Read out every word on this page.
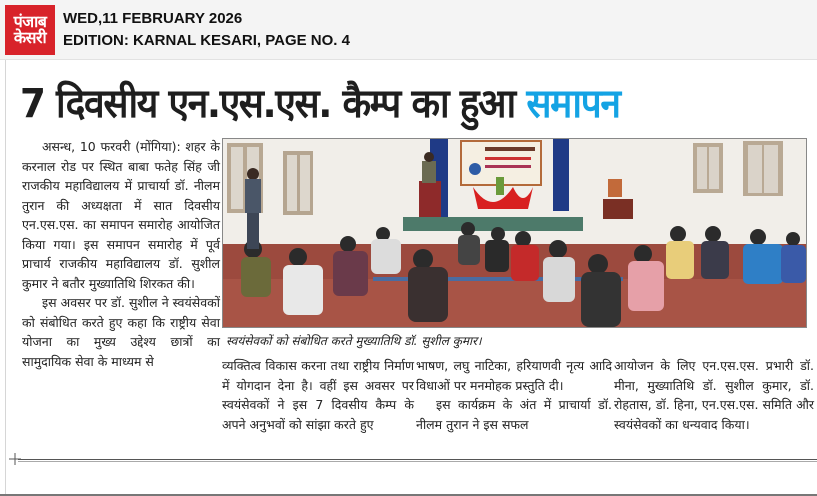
पंजाब
केसरी
WED,11 FEBRUARY 2026
EDITION: KARNAL KESARI, PAGE NO. 4
7 दिवसीय एन.एस.एस. कैम्प का हुआ समापन

असन्ध, 10 फरवरी (मोंगिया): शहर के करनाल रोड पर स्थित बाबा फतेह सिंह जी राजकीय महाविद्यालय में प्राचार्या डॉ. नीलम तुरान की अध्यक्षता में सात दिवसीय एन.एस.एस. का समापन समारोह आयोजित किया गया। इस समापन समारोह में पूर्व प्राचार्य राजकीय महाविद्यालय डॉ. सुशील कुमार ने बतौर मुख्यातिथि शिरकत की।

इस अवसर पर डॉ. सुशील ने स्वयंसेवकों को संबोधित करते हुए कहा कि राष्ट्रीय सेवा योजना का मुख्य उद्देश्य छात्रों का सामुदायिक सेवा के माध्यम से

स्वयंसेवकों को संबोधित करते मुख्यातिथि डॉ. सुशील कुमार।

व्यक्तित्व विकास करना तथा राष्ट्रीय निर्माण में योगदान देना है। वहीं इस अवसर पर स्वयंसेवकों ने इस 7 दिवसीय कैम्प के अपने अनुभवों को सांझा करते हुए

भाषण, लघु नाटिका, हरियाणवी नृत्य आदि विधाओं पर मनमोहक प्रस्तुति दी।

इस कार्यक्रम के अंत में प्राचार्या डॉ. नीलम तुरान ने इस सफल

आयोजन के लिए एन.एस.एस. प्रभारी डॉ. मीना, मुख्यातिथि डॉ. सुशील कुमार, डॉ. रोहतास, डॉ. हिना, एन.एस.एस. समिति और स्वयंसेवकों का धन्यवाद किया।
